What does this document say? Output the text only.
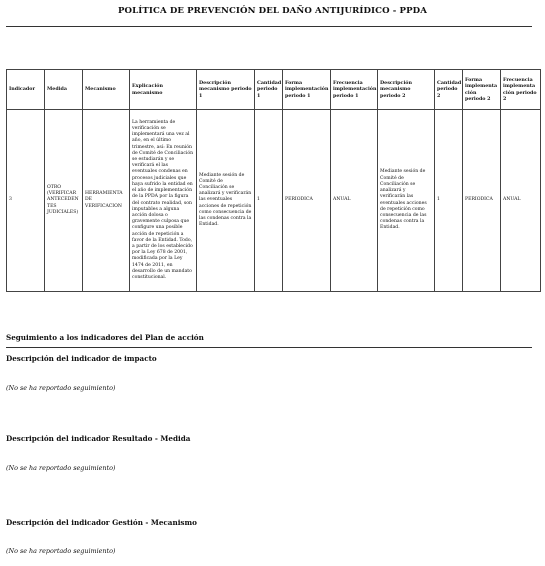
POLÍTICA DE PREVENCIÓN DEL DAÑO ANTIJURÍDICO - PPDA
Indicador	Medida	Mecanismo	Explicación mecanismo	Descripción mecanismo periodo 1	Cantidad periodo 1	Forma implementación periodo 1	Frecuencia implementación periodo 1	Descripción mecanismo periodo 2	Cantidad periodo 2	Forma implementa ción periodo 2	Frecuencia implementa ción periodo 2
3	OTRO (VERIFICAR ANTECEDEN TES JUDICIALES)	HERRAMIENTA DE VERIFICACION	La herramienta de verificación se implementará una vez al año, en el último trimestre, así: En reunión de Comité de Conciliación se estudiarán y se verificará el las eventuales condenas en procesos judiciales que haya sufrido la entidad en el año de implementación de la PPDA por la figura del contrato realidad, son imputables a alguna acción dolosa o gravemente culposa que configure una posible acción de repetición a favor de la Entidad. Todo, a partir de los establecido por la Ley 678 de 2001, modificada por la Ley 1474 de 2011, en desarrollo de un mandato constitucional.	Mediante sesión de Comité de Conciliación se analizará y verificarán las eventuales acciones de repetición como consecuencia de las condenas contra la Entidad.	1	PERIODICA	ANUAL	Mediante sesión de Comité de Conciliación se analizará y verificarán las eventuales acciones de repetición como consecuencia de las condenas contra la Entidad.	1	PERIODICA	ANUAL
Seguimiento a los indicadores del Plan de acción
Descripción del indicador de impacto
(No se ha reportado seguimiento)
Descripción del indicador Resultado - Medida
(No se ha reportado seguimiento)
Descripción del indicador Gestión - Mecanismo
(No se ha reportado seguimiento)
